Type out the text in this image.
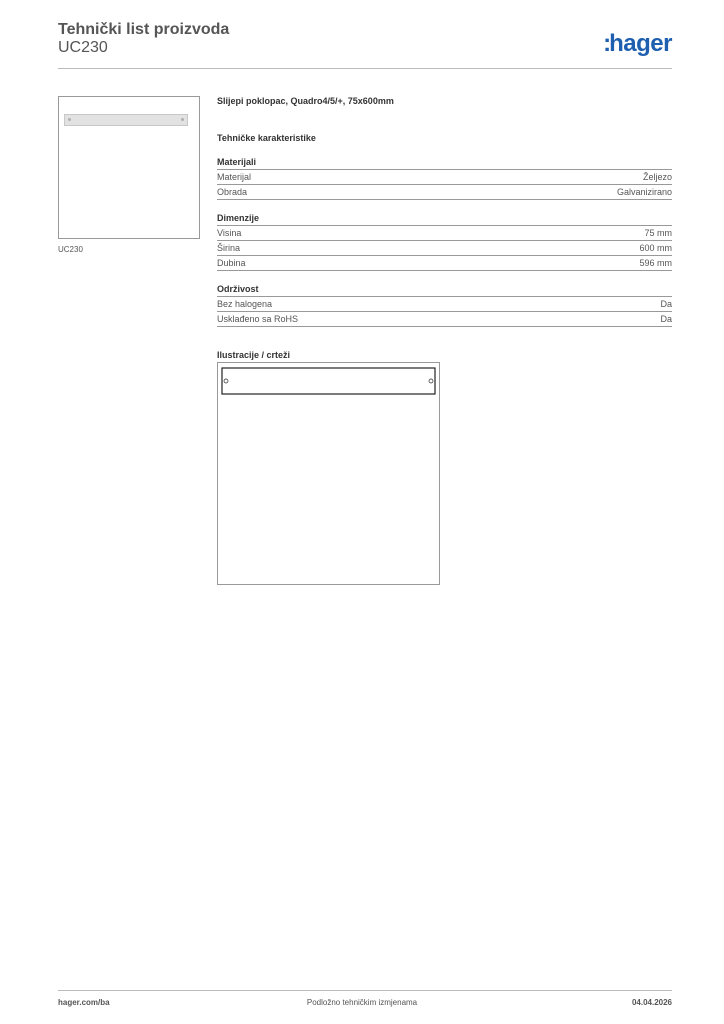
Tehnički list proizvoda
UC230	:hager
UC230
Slijepi poklopac, Quadro4/5/+, 75x600mm
Tehničke karakteristike
Materijali
Materijal	Željezo
Obrada	Galvanizirano
Dimenzije
Visina	75 mm
Širina	600 mm
Dubina	596 mm
Održivost
Bez halogena	Da
Usklađeno sa RoHS	Da
Ilustracije / crteži
hager.com/ba	Podložno tehničkim izmjenama	04.04.2026
